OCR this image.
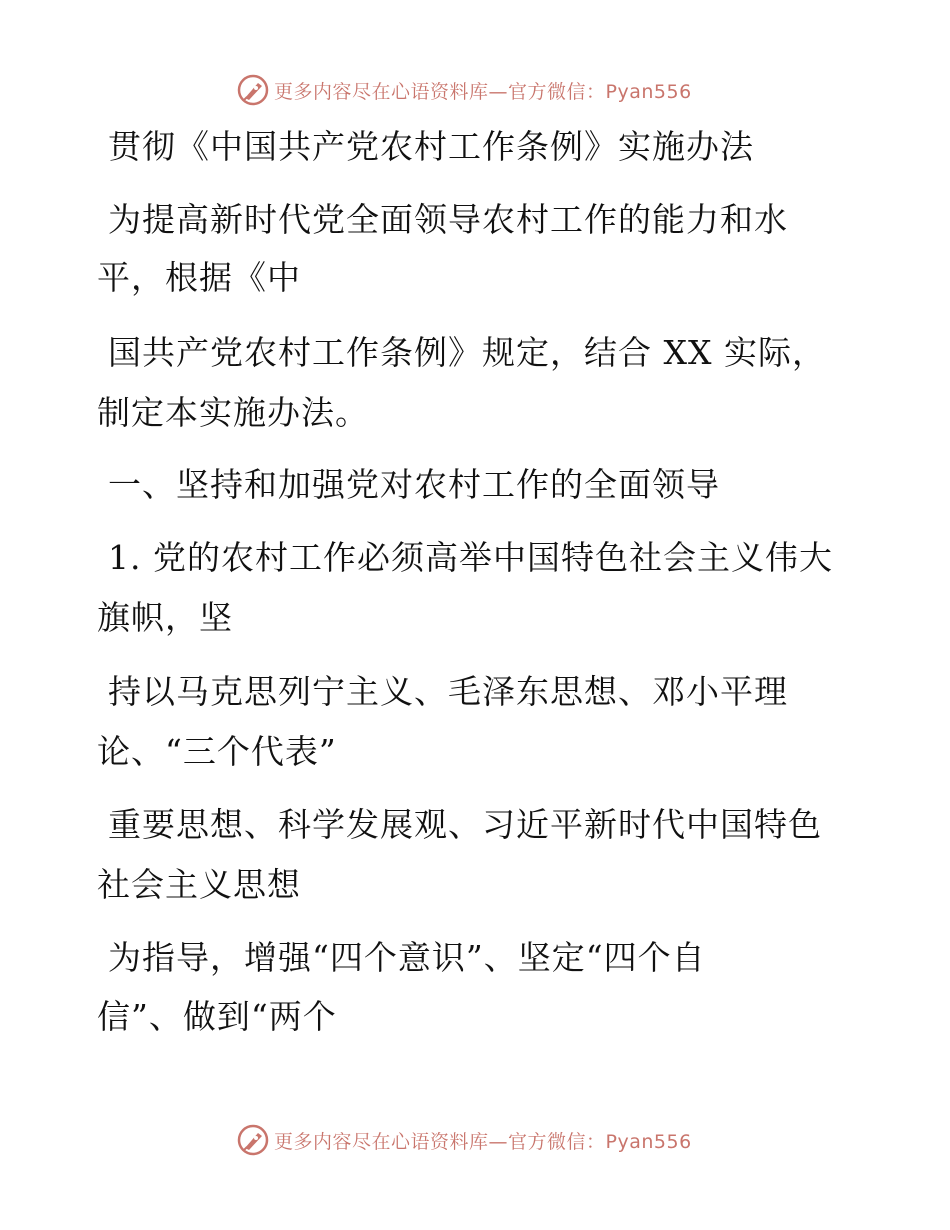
更多内容尽在心语资料库—官方微信：Pyan556
贯彻《中国共产党农村工作条例》实施办法
为提高新时代党全面领导农村工作的能力和水
平，根据《中
国共产党农村工作条例》规定，结合 XX 实际，
制定本实施办法。
一、坚持和加强党对农村工作的全面领导
1. 党的农村工作必须高举中国特色社会主义伟大
旗帜，坚
持以马克思列宁主义、毛泽东思想、邓小平理
论、“三个代表”
重要思想、科学发展观、习近平新时代中国特色
社会主义思想
为指导，增强“四个意识”、坚定“四个自
信”、做到“两个
更多内容尽在心语资料库—官方微信：Pyan556
